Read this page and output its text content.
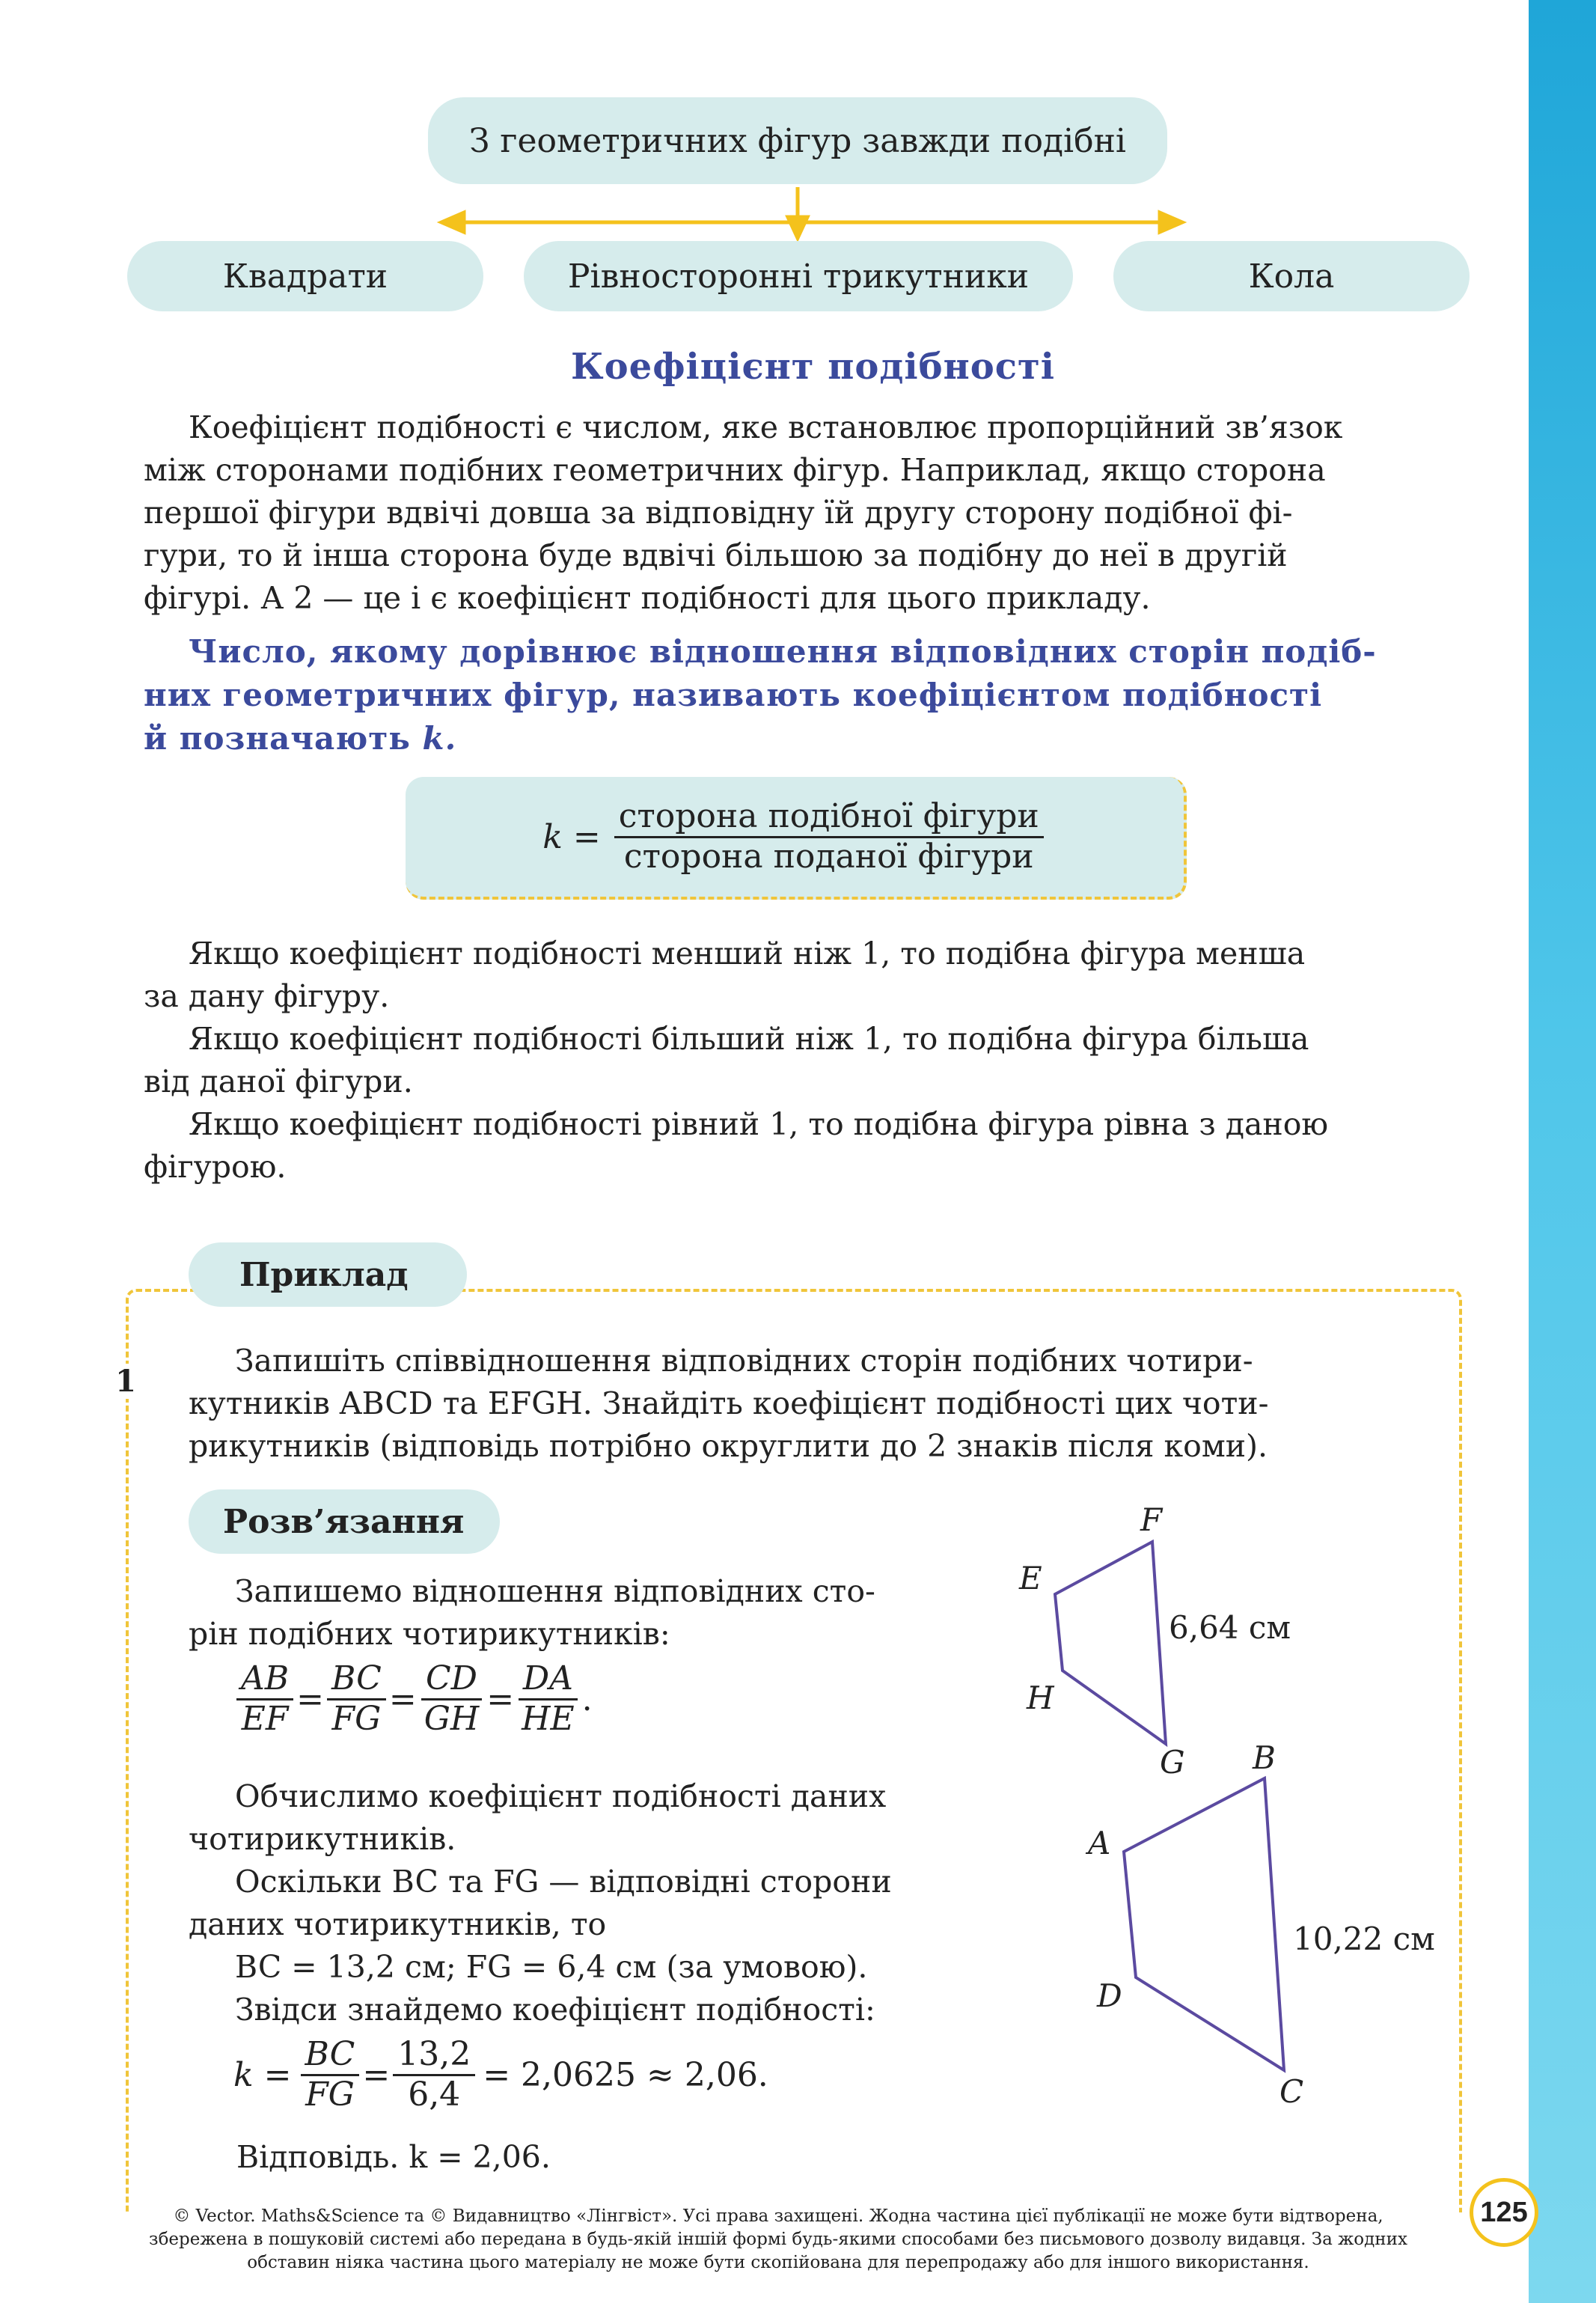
З геометричних фігур завжди подібні
Квадрати	Рівносторонні трикутники	Кола
Коефіцієнт подібності

Коефіцієнт подібності є числом, яке встановлює пропорційний зв’язок

між сторонами подібних геометричних фігур. Наприклад, якщо сторона

першої фігури вдвічі довша за відповідну їй другу сторону подібної фі-

гури, то й інша сторона буде вдвічі більшою за подібну до неї в другій

фігурі. А 2 — це і є коефіцієнт подібності для цього прикладу.

Число, якому дорівнює відношення відповідних сторін подіб-
них геометричних фігур, називають коефіцієнтом подібності
й позначають k.
$k = \frac{\text{сторона подібної фігури}}{\text{сторона поданої фігури}}$

Якщо коефіцієнт подібності менший ніж 1, то подібна фігура менша

за дану фігуру.

Якщо коефіцієнт подібності більший ніж 1, то подібна фігура більша

від даної фігури.

Якщо коефіцієнт подібності рівний 1, то подібна фігура рівна з даною

фігурою.

Приклад
1

Запишіть співвідношення відповідних сторін подібних чотири-

кутників ABCD та EFGH. Знайдіть коефіцієнт подібності цих чоти-

рикутників (відповідь потрібно округлити до 2 знаків після коми).

Розв’язання

Запишемо відношення відповідних сто-

рін подібних чотирикутників:

$\frac{AB}{EF} = \frac{BC}{FG} = \frac{CD}{GH} = \frac{DA}{HE}$ .

Обчислимо коефіцієнт подібності даних

чотирикутників.

Оскільки BC та FG — відповідні сторони

даних чотирикутників, то

BC = 13,2 см; FG = 6,4 см (за умовою).

Звідси знайдемо коефіцієнт подібності:

$k = \frac{BC}{FG} = \frac{13,2}{6,4} = 2,0625 \approx 2,06$.
Відповідь. k = 2,06.
E
F
H
G
6,64 см
A
B
D
C
10,22 см
125
© Vector. Maths&Science та © Видавництво «Лінгвіст». Усі права захищені. Жодна частина цієї публікації не може бути відтворена,
збережена в пошуковій системі або передана в будь-якій іншій формі будь-якими способами без письмового дозволу видавця. За жодних
обставин ніяка частина цього матеріалу не може бути скопійована для перепродажу або для іншого використання.
